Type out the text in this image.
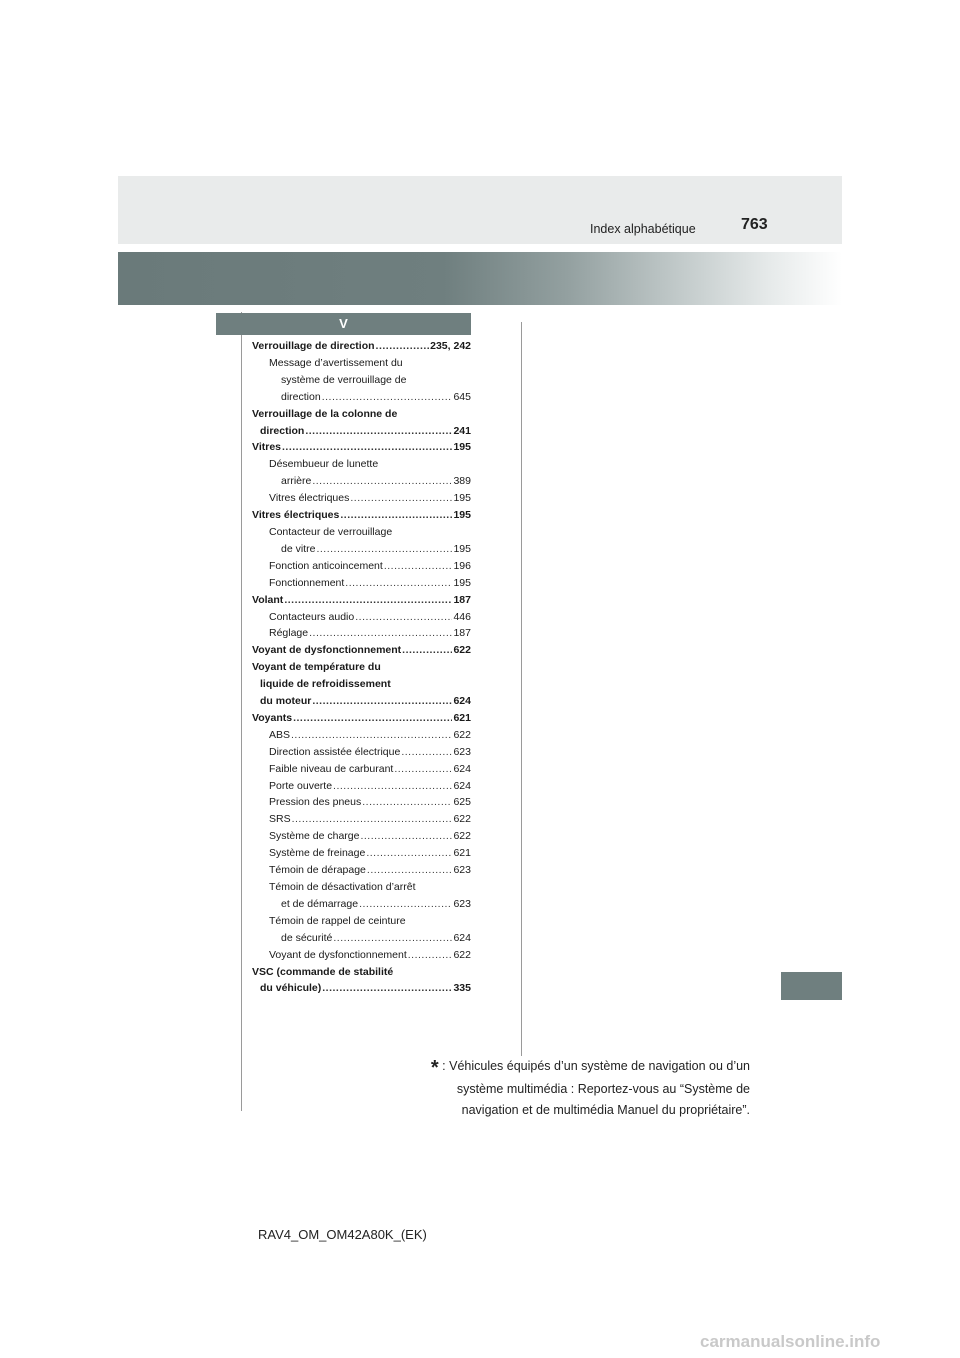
763
Index alphabétique
V
Verrouillage de direction .....	235, 242
Message d’avertissement du
système de verrouillage de
direction .....	645
Verrouillage de la colonne de
direction .....	241
Vitres .....	195
Désembueur de lunette
arrière .....	389
Vitres électriques .....	195
Vitres électriques .....	195
Contacteur de verrouillage
de vitre .....	195
Fonction anticoincement .....	196
Fonctionnement .....	195
Volant .....	187
Contacteurs audio .....	446
Réglage .....	187
Voyant de dysfonctionnement .....	622
Voyant de température du
liquide de refroidissement
du moteur .....	624
Voyants .....	621
ABS .....	622
Direction assistée électrique .....	623
Faible niveau de carburant .....	624
Porte ouverte .....	624
Pression des pneus .....	625
SRS .....	622
Système de charge .....	622
Système de freinage .....	621
Témoin de dérapage .....	623
Témoin de désactivation d’arrêt
et de démarrage .....	623
Témoin de rappel de ceinture
de sécurité .....	624
Voyant de dysfonctionnement .....	622
VSC (commande de stabilité
du véhicule) .....	335
* : Véhicules équipés d’un système de navigation ou d’un
système multimédia : Reportez-vous au “Système de
navigation et de multimédia Manuel du propriétaire”.
RAV4_OM_OM42A80K_(EK)
carmanualsonline.info
